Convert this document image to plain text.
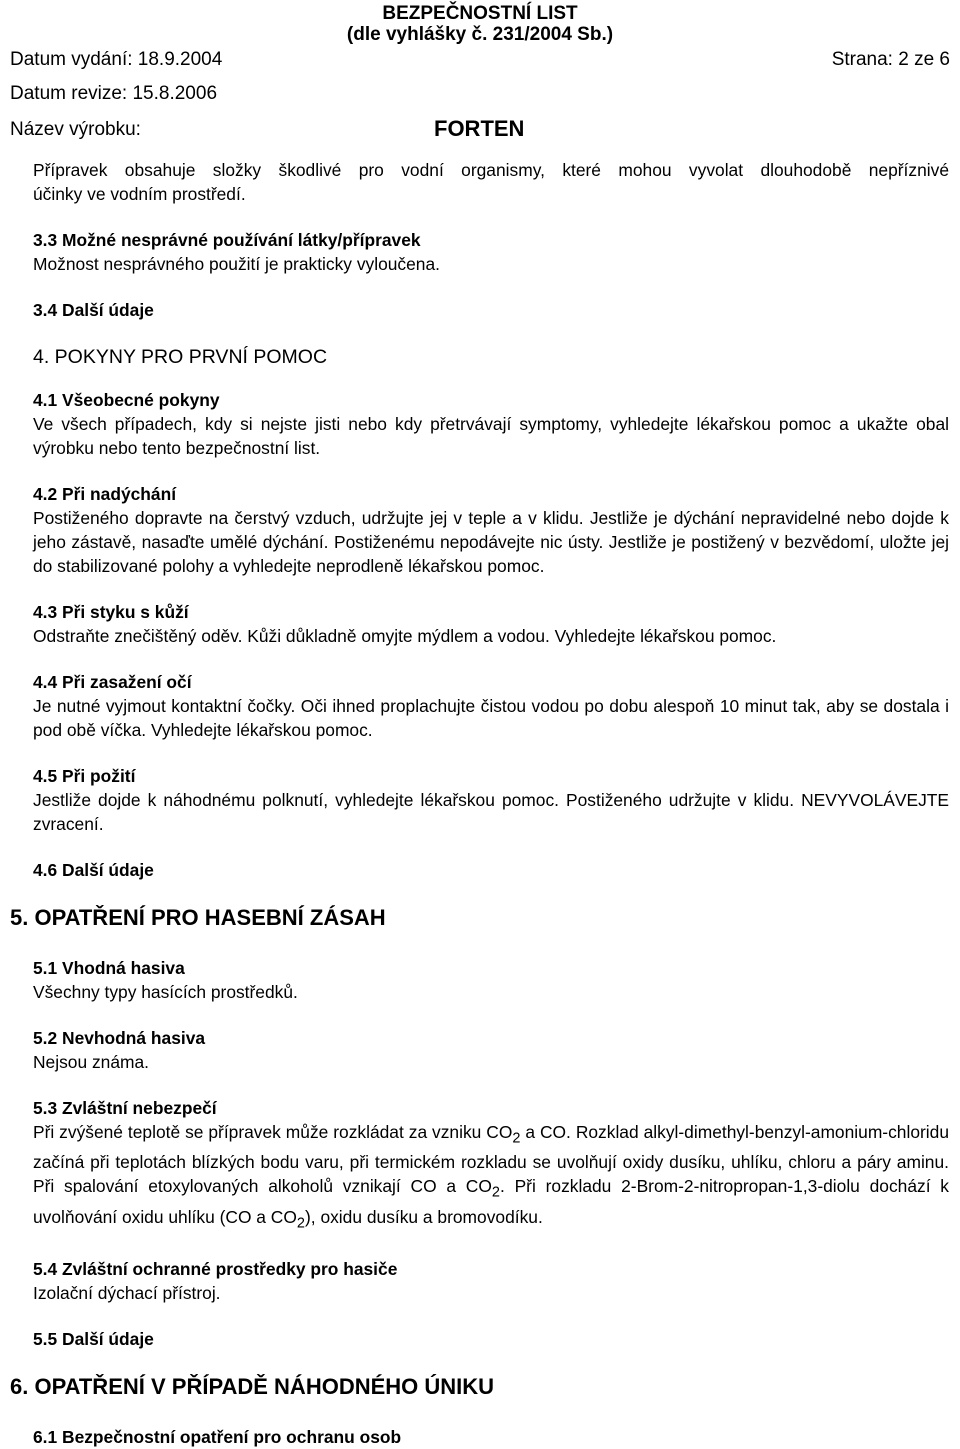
BEZPEČNOSTNÍ LIST
(dle vyhlášky č. 231/2004 Sb.)
Datum vydání: 18.9.2004	Strana: 2 ze 6
Datum revize: 15.8.2006
Název výrobku:	FORTEN

Přípravek obsahuje složky škodlivé pro vodní organismy, které mohou vyvolat dlouhodobě nepříznivé

účinky ve vodním prostředí.

3.3 Možné nesprávné používání látky/přípravek

Možnost nesprávného použití je prakticky vyloučena.

3.4 Další údaje

4. POKYNY PRO PRVNÍ POMOC

4.1 Všeobecné pokyny

Ve všech případech, kdy si nejste jisti nebo kdy přetrvávají symptomy, vyhledejte lékařskou pomoc a ukažte obal výrobku nebo tento bezpečnostní list.

4.2 Při nadýchání

Postiženého dopravte na čerstvý vzduch, udržujte jej v teple a v klidu. Jestliže je dýchání nepravidelné nebo dojde k jeho zástavě, nasaďte umělé dýchání. Postiženému nepodávejte nic ústy. Jestliže je postižený v bezvědomí, uložte jej do stabilizované polohy a vyhledejte neprodleně lékařskou pomoc.

4.3 Při styku s kůží

Odstraňte znečištěný oděv. Kůži důkladně omyjte mýdlem a vodou. Vyhledejte lékařskou pomoc.

4.4 Při zasažení očí

Je nutné vyjmout kontaktní čočky. Oči ihned proplachujte čistou vodou po dobu alespoň 10 minut tak, aby se dostala i pod obě víčka. Vyhledejte lékařskou pomoc.

4.5 Při požití

Jestliže dojde k náhodnému polknutí, vyhledejte lékařskou pomoc. Postiženého udržujte v klidu. NEVYVOLÁVEJTE zvracení.

4.6 Další údaje

5. OPATŘENÍ PRO HASEBNÍ ZÁSAH

5.1 Vhodná hasiva

Všechny typy hasících prostředků.

5.2 Nevhodná hasiva

Nejsou známa.

5.3 Zvláštní nebezpečí

Při zvýšené teplotě se přípravek může rozkládat za vzniku $CO_2$ a CO. Rozklad alkyl-dimethyl-benzyl-amonium-chloridu začíná při teplotách blízkých bodu varu, při termickém rozkladu se uvolňují oxidy dusíku, uhlíku, chloru a páry aminu. Při spalování etoxylovaných alkoholů vznikají CO a $CO_2$. Při rozkladu 2-Brom-2-nitropropan-1,3-diolu dochází k uvolňování oxidu uhlíku (CO a $CO_2$), oxidu dusíku a bromovodíku.

5.4 Zvláštní ochranné prostředky pro hasiče

Izolační dýchací přístroj.

5.5 Další údaje

6. OPATŘENÍ V PŘÍPADĚ NÁHODNÉHO ÚNIKU

6.1 Bezpečnostní opatření pro ochranu osob
